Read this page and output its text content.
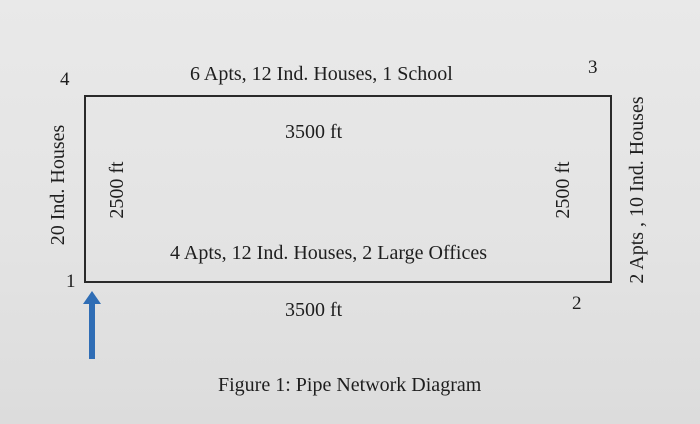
4
3
1
2
6 Apts, 12 Ind. Houses, 1 School
3500 ft
4 Apts, 12 Ind. Houses, 2 Large Offices
3500 ft
20 Ind. Houses 2500 ft	2500 ft	2 Apts , 10 Ind. Houses
Figure 1: Pipe Network Diagram
